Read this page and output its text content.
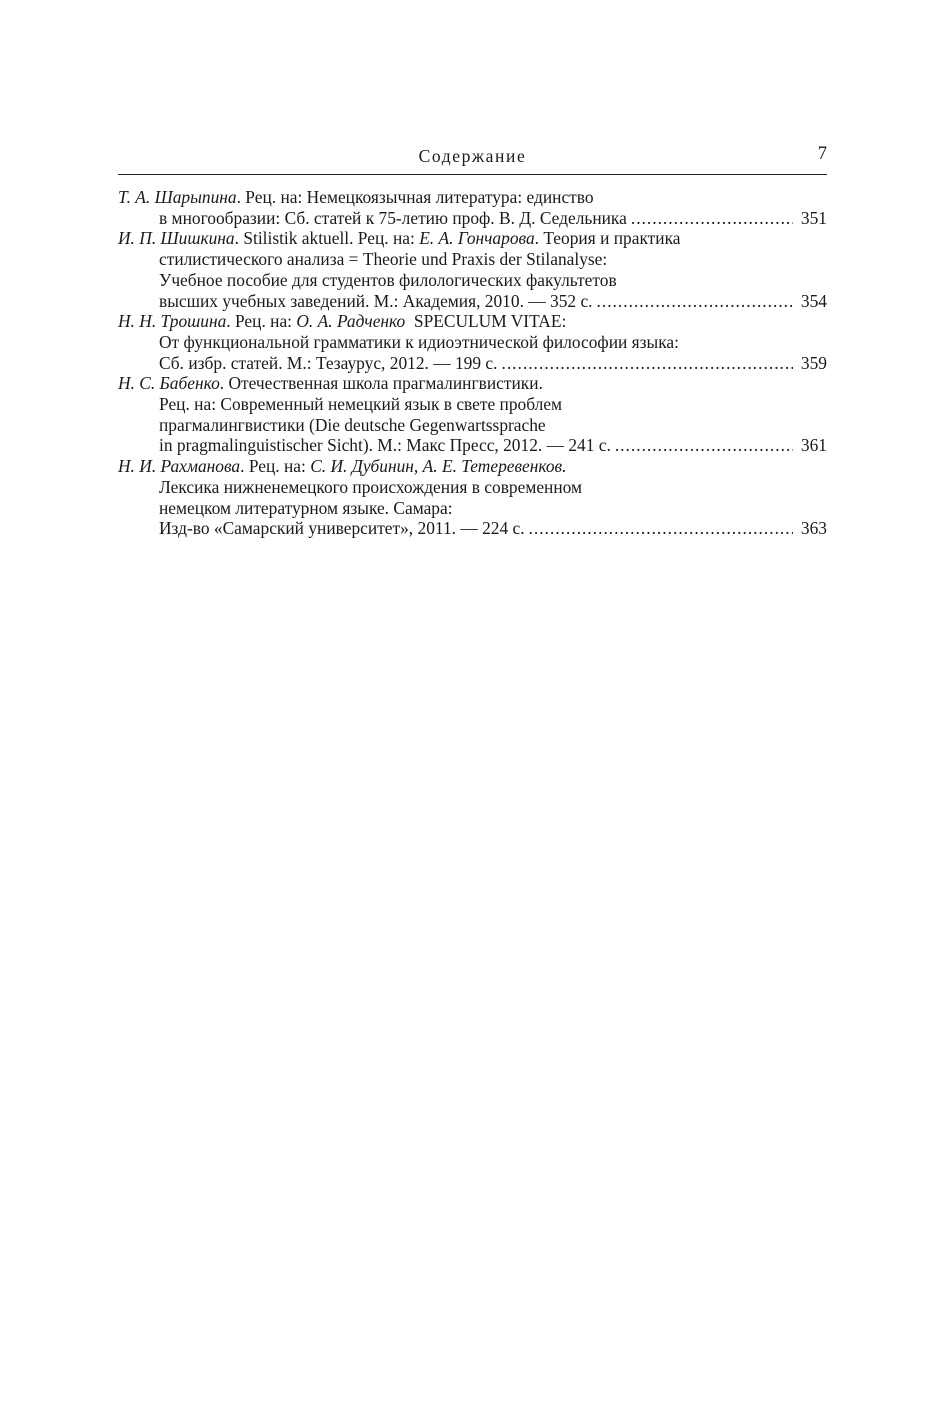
Содержание	7
Т. А. Шарыпина. Рец. на: Немецкоязычная литература: единство
в многообразии: Сб. статей к 75-летию проф. В. Д. Седельника .....	351
И. П. Шишкина. Stilistik aktuell. Рец. на: Е. А. Гончарова. Теория и практика
стилистического анализа = Theorie und Praxis der Stilanalyse:
Учебное пособие для студентов филологических факультетов
высших учебных заведений. М.: Академия, 2010. — 352 с. .....	354
Н. Н. Трошина. Рец. на: О. А. Радченко  SPECULUM VITAE:
От функциональной грамматики к идиоэтнической философии языка:
Сб. избр. статей. М.: Тезаурус, 2012. — 199 с. .....	359
Н. С. Бабенко. Отечественная школа прагмалингвистики.
Рец. на: Современный немецкий язык в свете проблем
прагмалингвистики (Die deutsche Gegenwartssprache
in pragmalinguistischer Sicht). М.: Макс Пресс, 2012. — 241 с. .....	361
Н. И. Рахманова. Рец. на: С. И. Дубинин, А. Е. Тетеревенков.
Лексика нижненемецкого происхождения в современном
немецком литературном языке. Самара:
Изд-во «Самарский университет», 2011. — 224 с. .....	363
